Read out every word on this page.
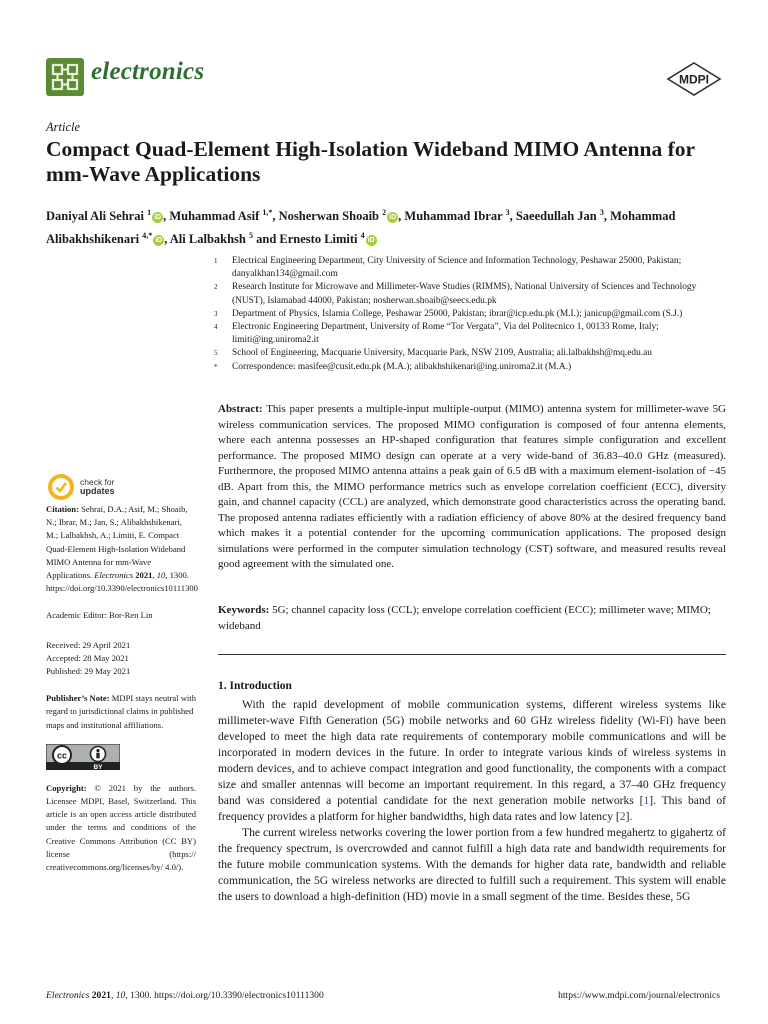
electronics	MDPI
Article
Compact Quad-Element High-Isolation Wideband MIMO Antenna for mm-Wave Applications
Daniyal Ali Sehrai $^1$iD , Muhammad Asif $^{1,*}$, Nosherwan Shoaib $^2$iD , Muhammad Ibrar $^3$, Saeedullah Jan $^3$, Mohammad Alibakhshikenari $^{4,*}$iD , Ali Lalbakhsh $^5$ and Ernesto Limiti $^4$iD
1	Electrical Engineering Department, City University of Science and Information Technology, Peshawar 25000, Pakistan; danyalkhan134@gmail.com
2	Research Institute for Microwave and Millimeter-Wave Studies (RIMMS), National University of Sciences and Technology (NUST), Islamabad 44000, Pakistan; nosherwan.shoaib@seecs.edu.pk
3	Department of Physics, Islamia College, Peshawar 25000, Pakistan; ibrar@icp.edu.pk (M.I.); janicup@gmail.com (S.J.)
4	Electronic Engineering Department, University of Rome “Tor Vergata”, Via del Politecnico 1, 00133 Rome, Italy; limiti@ing.uniroma2.it
5	School of Engineering, Macquarie University, Macquarie Park, NSW 2109, Australia; ali.lalbakhsh@mq.edu.au
*	Correspondence: masifee@cusit.edu.pk (M.A.); alibakhshikenari@ing.uniroma2.it (M.A.)
check for
updates
Citation: Sehrai, D.A.; Asif, M.; Shoaib, N.; Ibrar, M.; Jan, S.; Alibakhshikenari, M.; Lalbakhsh, A.; Limiti, E. Compact Quad-Element High-Isolation Wideband MIMO Antenna for mm-Wave Applications. Electronics 2021, 10, 1300. https://doi.org/10.3390/electronics10111300
Academic Editor: Bor-Ren Lin
Received: 29 April 2021
Accepted: 28 May 2021
Published: 29 May 2021
Publisher’s Note: MDPI stays neutral with regard to jurisdictional claims in published maps and institutional affiliations.
cc
BY
Copyright: © 2021 by the authors. Licensee MDPI, Basel, Switzerland. This article is an open access article distributed under the terms and conditions of the Creative Commons Attribution (CC BY) license (https:// creativecommons.org/licenses/by/ 4.0/).
Abstract: This paper presents a multiple-input multiple-output (MIMO) antenna system for millimeter-wave 5G wireless communication services. The proposed MIMO configuration is composed of four antenna elements, where each antenna possesses an HP-shaped configuration that features simple configuration and excellent performance. The proposed MIMO design can operate at a very wide-band of 36.83–40.0 GHz (measured). Furthermore, the proposed MIMO antenna attains a peak gain of 6.5 dB with a maximum element-isolation of −45 dB. Apart from this, the MIMO performance metrics such as envelope correlation coefficient (ECC), diversity gain, and channel capacity (CCL) are analyzed, which demonstrate good characteristics across the operating band. The proposed antenna radiates efficiently with a radiation efficiency of above 80% at the desired frequency band which makes it a potential contender for the upcoming communication applications. The proposed design simulations were performed in the computer simulation technology (CST) software, and measured results reveal good agreement with the simulated one.
Keywords: 5G; channel capacity loss (CCL); envelope correlation coefficient (ECC); millimeter wave; MIMO; wideband
1. Introduction

With the rapid development of mobile communication systems, different wireless systems like millimeter-wave Fifth Generation (5G) mobile networks and 60 GHz wireless fidelity (Wi-Fi) have been developed to meet the high data rate requirements of contemporary mobile communications and will be incorporated in modern devices in the future. In order to integrate various kinds of wireless systems in modern devices, and to achieve compact integration and good functionality, the components with a compact size and smaller antennas will become an important requirement. In this regard, a 37–40 GHz frequency band was considered a potential candidate for the next generation mobile networks [1]. This band of frequency provides a platform for higher bandwidths, high data rates and low latency [2].

The current wireless networks covering the lower portion from a few hundred megahertz to gigahertz of the frequency spectrum, is overcrowded and cannot fulfill a high data rate and bandwidth requirements for the future mobile communication systems. With the demands for higher data rate, bandwidth and reliable communication, the 5G wireless networks are directed to fulfill such a requirement. This system will enable the users to download a high-definition (HD) movie in a small segment of the time. Besides these, 5G

Electronics 2021, 10, 1300. https://doi.org/10.3390/electronics10111300	https://www.mdpi.com/journal/electronics
